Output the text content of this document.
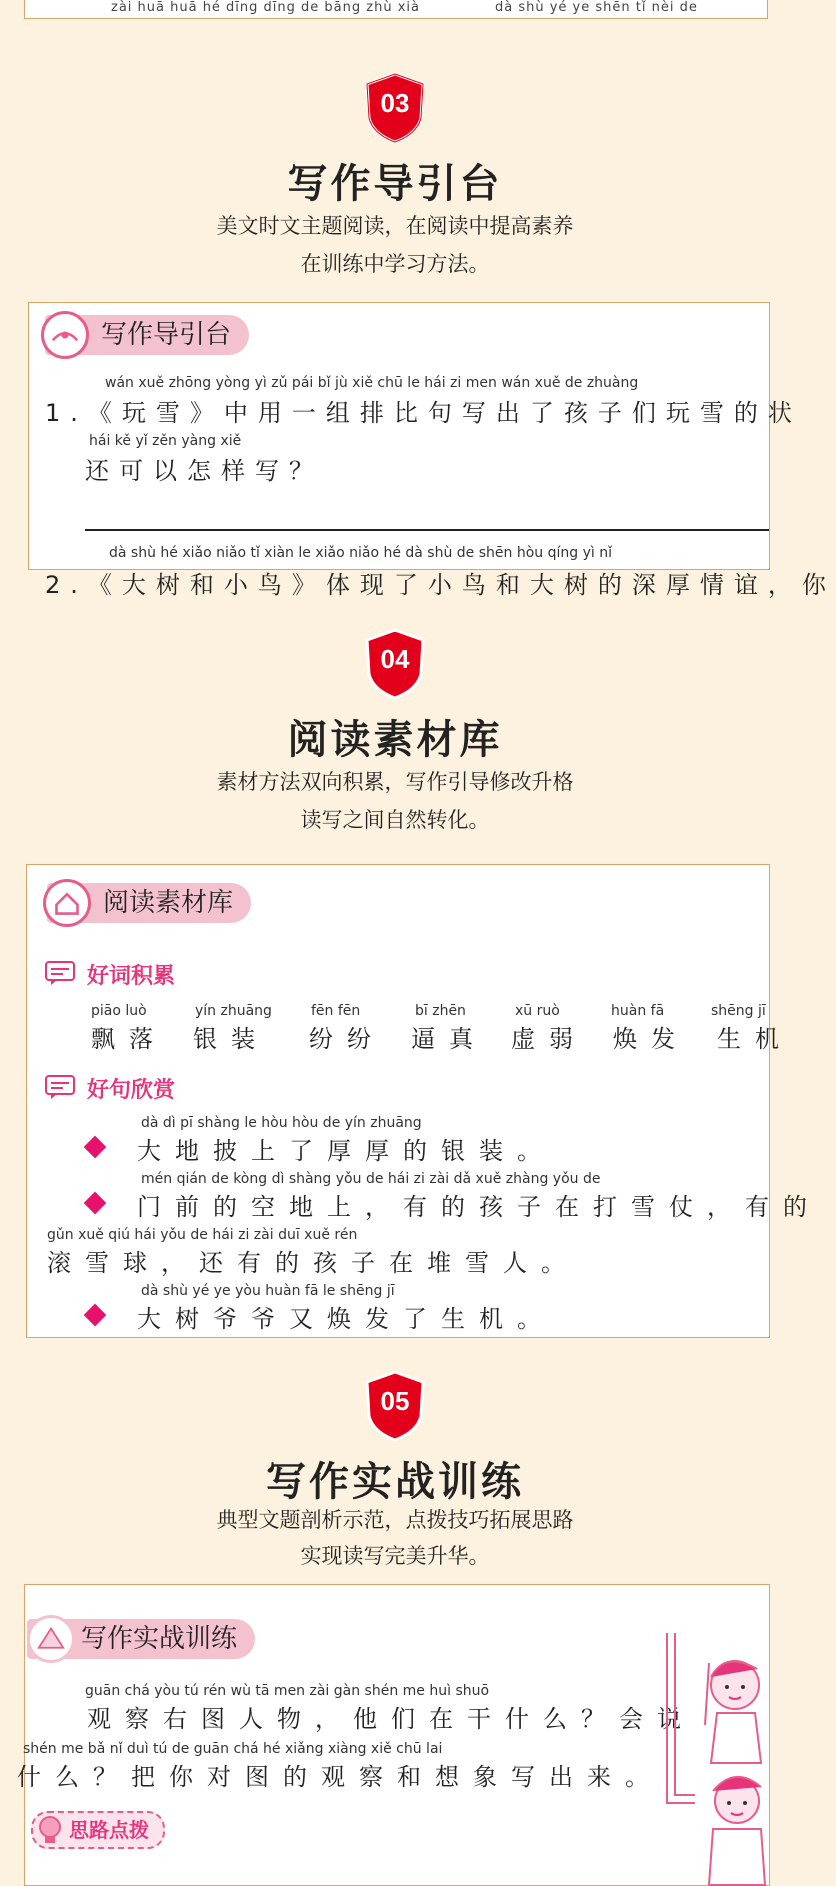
zài huā huā hé dīng dīng de bāng zhù xià	dà shù yé ye shēn tǐ nèi de
03
写作导引台
美文时文主题阅读，在阅读中提高素养
在训练中学习方法。
写作导引台
wán xuě zhōng yòng yì zǔ pái bǐ jù xiě chū le hái zi men wán xuě de zhuàng
1.《玩雪》中用一组排比句写出了孩子们玩雪的状
hái kě yǐ zěn yàng xiě
还可以怎样写？
dà shù hé xiǎo niǎo tǐ xiàn le xiǎo niǎo hé dà shù de shēn hòu qíng yì nǐ
2.《大树和小鸟》体现了小鸟和大树的深厚情谊，你
04
阅读素材库
素材方法双向积累，写作引导修改升格
读写之间自然转化。
阅读素材库
好词积累
piāo luò
飘落
yín zhuāng
银装
fēn fēn
纷纷
bī zhēn
逼真
xū ruò
虚弱
huàn fā
焕发
shēng jī
生机
好句欣赏
dà dì pī shàng le hòu hòu de yín zhuāng
大地披上了厚厚的银装。
mén qián de kòng dì shàng yǒu de hái zi zài dǎ xuě zhàng yǒu de
门前的空地上，有的孩子在打雪仗，有的
gǔn xuě qiú hái yǒu de hái zi zài duī xuě rén
滚雪球，还有的孩子在堆雪人。
dà shù yé ye yòu huàn fā le shēng jī
大树爷爷又焕发了生机。
05
写作实战训练
典型文题剖析示范，点拨技巧拓展思路
实现读写完美升华。
写作实战训练
guān chá yòu tú rén wù tā men zài gàn shén me huì shuō
观察右图人物，他们在干什么？会说
shén me bǎ nǐ duì tú de guān chá hé xiǎng xiàng xiě chū lai
什么？把你对图的观察和想象写出来。
思路点拨
